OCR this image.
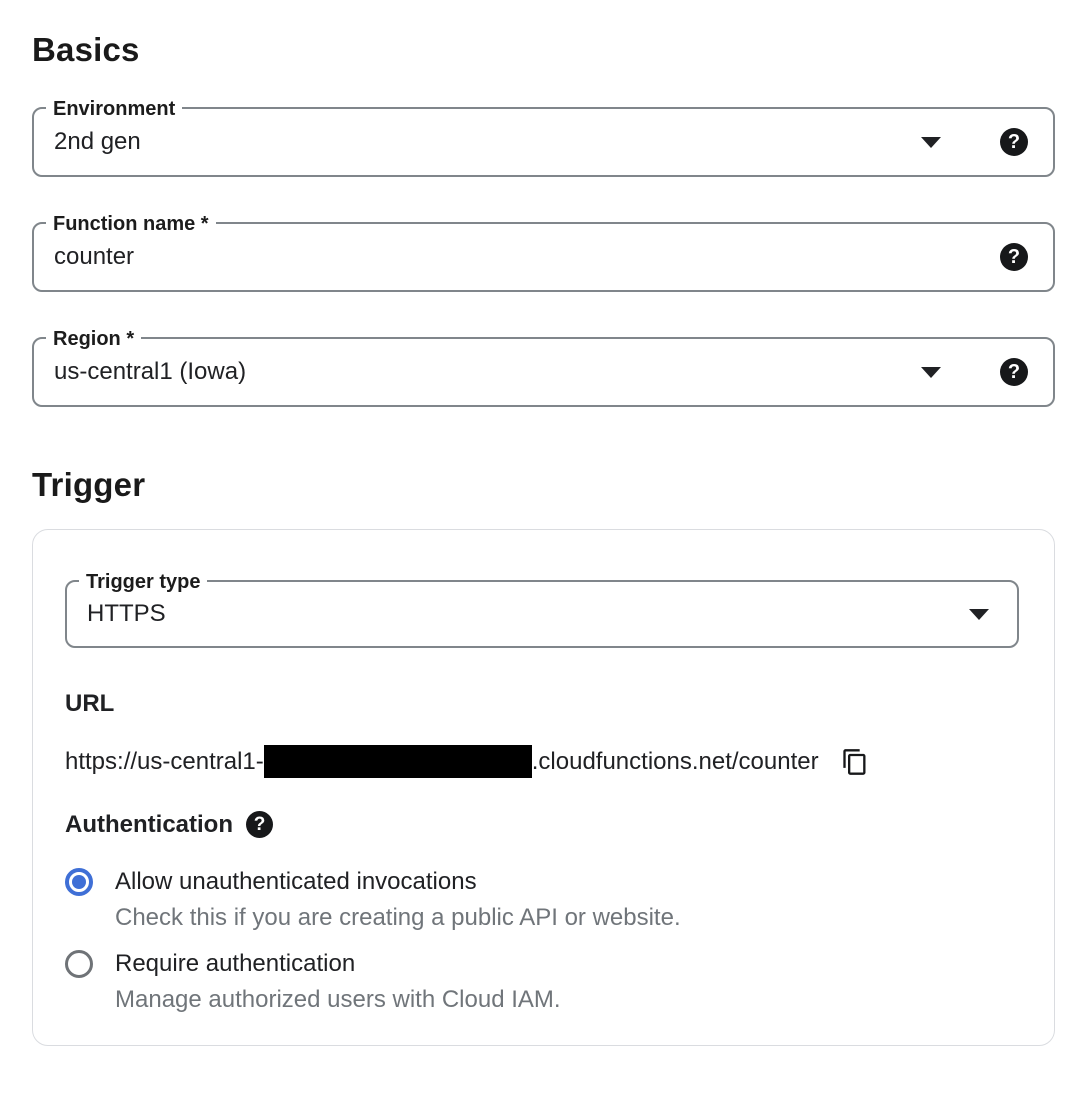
Basics
Environment
2nd gen	?
Function name *
counter	?
Region *
us-central1 (Iowa)	?
Trigger
Trigger type
HTTPS
URL
https://us-central1-	.cloudfunctions.net/counter
Authentication	?
Allow unauthenticated invocations
Check this if you are creating a public API or website.
Require authentication
Manage authorized users with Cloud IAM.
